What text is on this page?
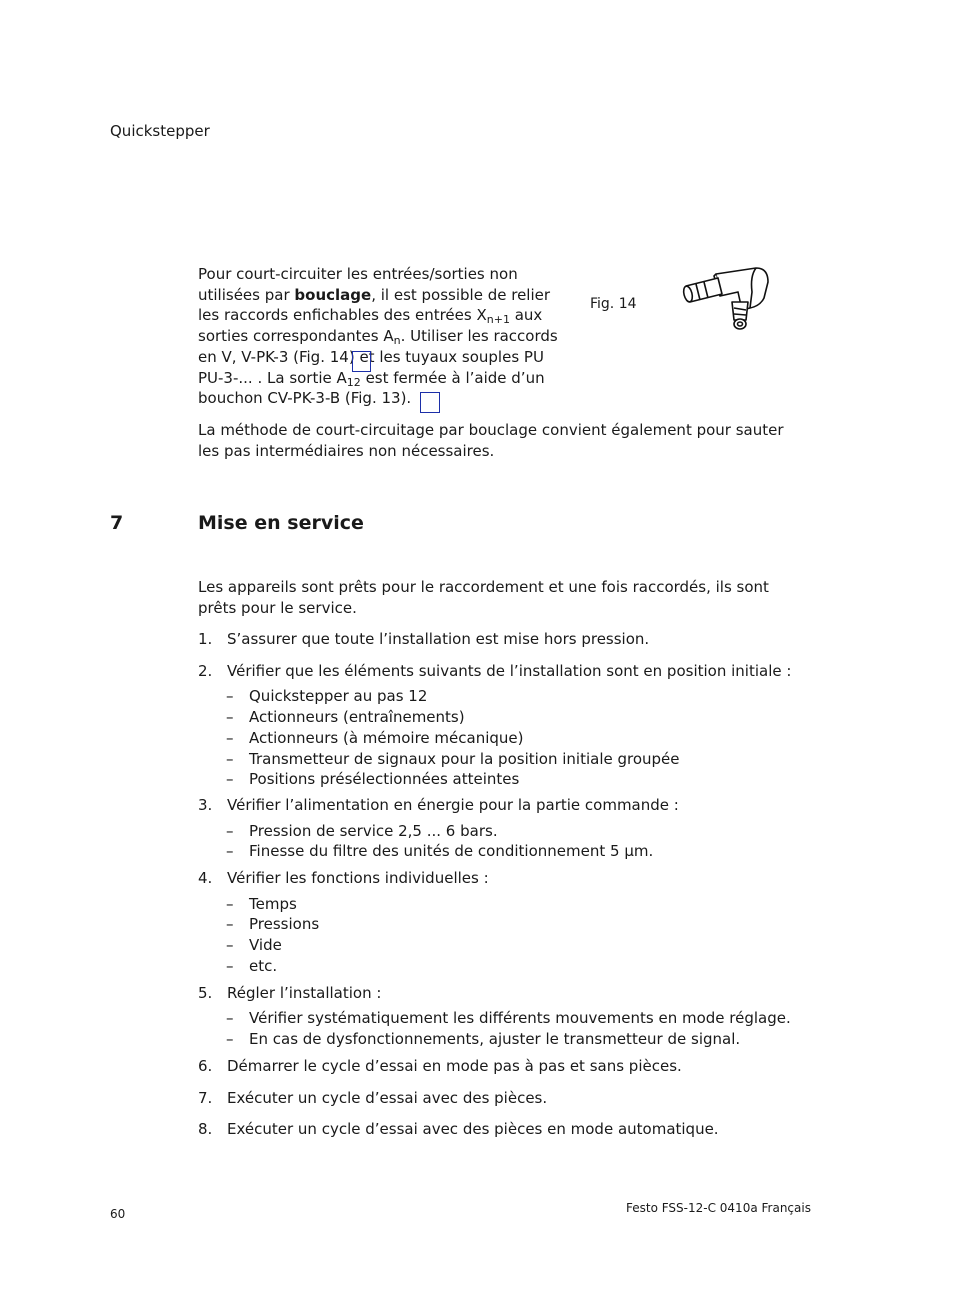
Quickstepper

Pour court-circuiter les entrées/sorties non utilisées par bouclage, il est possible de relier les raccords enfichables des entrées $X_{n+1}$ aux sorties correspondantes $A_n$. Utiliser les raccords en V, V-PK-3 (Fig. 14) et les tuyaux souples PU PU-3-... . La sortie $A_{12}$ est fermée à l’aide d’un bouchon CV-PK-3-B (Fig. 13).

Fig. 14

La méthode de court-circuitage par bouclage convient également pour sauter les pas intermédiaires non nécessaires.

7	Mise en service

Les appareils sont prêts pour le raccordement et une fois raccordés, ils sont prêts pour le service.

1. S’assurer que toute l’installation est mise hors pression.
2. Vérifier que les éléments suivants de l’installation sont en position initiale :
– Quickstepper au pas 12
– Actionneurs (entraînements)
– Actionneurs (à mémoire mécanique)
– Transmetteur de signaux pour la position initiale groupée
– Positions présélectionnées atteintes
3. Vérifier l’alimentation en énergie pour la partie commande :
– Pression de service 2,5 ... 6 bars.
– Finesse du filtre des unités de conditionnement 5 µm.
4. Vérifier les fonctions individuelles :
– Temps
– Pressions
– Vide
– etc.
5. Régler l’installation :
– Vérifier systématiquement les différents mouvements en mode réglage.
– En cas de dysfonctionnements, ajuster le transmetteur de signal.
6. Démarrer le cycle d’essai en mode pas à pas et sans pièces.
7. Exécuter un cycle d’essai avec des pièces.
8. Exécuter un cycle d’essai avec des pièces en mode automatique.
60	Festo FSS-12-C 0410a Français
